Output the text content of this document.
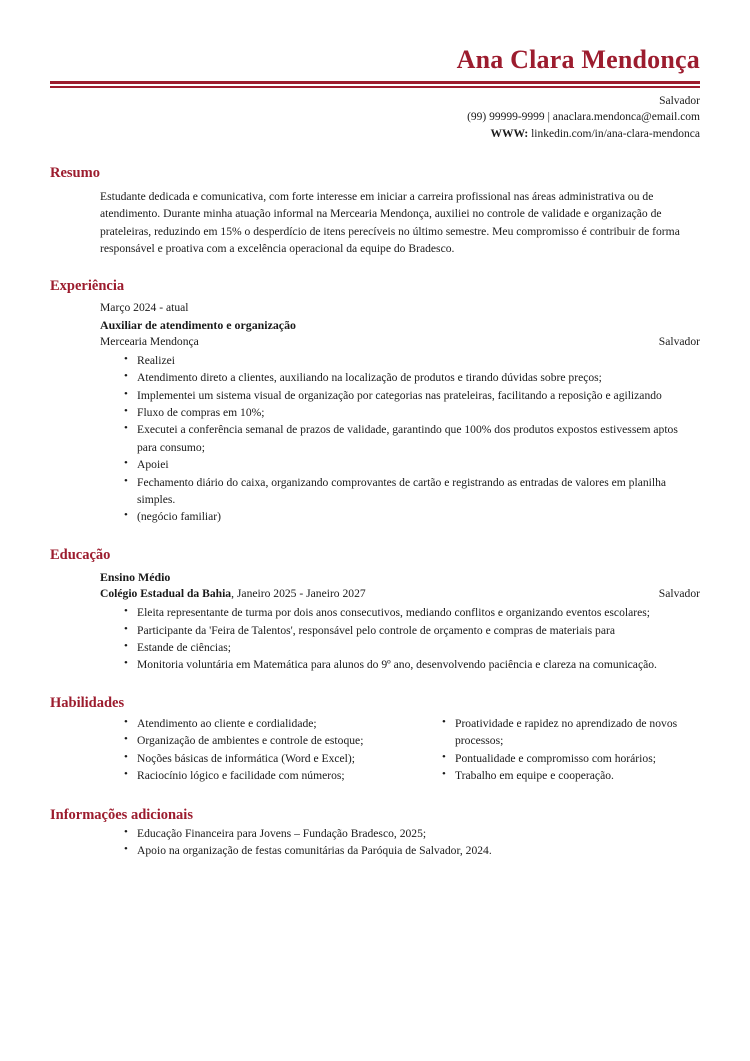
Ana Clara Mendonça
Salvador
(99) 99999-9999 | anaclara.mendonca@email.com
WWW: linkedin.com/in/ana-clara-mendonca
Resumo

Estudante dedicada e comunicativa, com forte interesse em iniciar a carreira profissional nas áreas administrativa ou de atendimento. Durante minha atuação informal na Mercearia Mendonça, auxiliei no controle de validade e organização de prateleiras, reduzindo em 15% o desperdício de itens perecíveis no último semestre. Meu compromisso é contribuir de forma responsável e proativa com a excelência operacional da equipe do Bradesco.

Experiência
Março 2024 - atual
Auxiliar de atendimento e organização
Mercearia Mendonça	Salvador
• Realizei
• Atendimento direto a clientes, auxiliando na localização de produtos e tirando dúvidas sobre preços;
• Implementei um sistema visual de organização por categorias nas prateleiras, facilitando a reposição e agilizando
• Fluxo de compras em 10%;
• Executei a conferência semanal de prazos de validade, garantindo que 100% dos produtos expostos estivessem aptos para consumo;
• Apoiei
• Fechamento diário do caixa, organizando comprovantes de cartão e registrando as entradas de valores em planilha simples.
• (negócio familiar)
Educação
Ensino Médio
Colégio Estadual da Bahia, Janeiro 2025 - Janeiro 2027	Salvador
• Eleita representante de turma por dois anos consecutivos, mediando conflitos e organizando eventos escolares;
• Participante da 'Feira de Talentos', responsável pelo controle de orçamento e compras de materiais para
• Estande de ciências;
• Monitoria voluntária em Matemática para alunos do 9º ano, desenvolvendo paciência e clareza na comunicação.
Habilidades
• Atendimento ao cliente e cordialidade;
• Organização de ambientes e controle de estoque;
• Noções básicas de informática (Word e Excel);
• Raciocínio lógico e facilidade com números;
• Proatividade e rapidez no aprendizado de novos processos;
• Pontualidade e compromisso com horários;
• Trabalho em equipe e cooperação.
Informações adicionais
• Educação Financeira para Jovens – Fundação Bradesco, 2025;
• Apoio na organização de festas comunitárias da Paróquia de Salvador, 2024.
